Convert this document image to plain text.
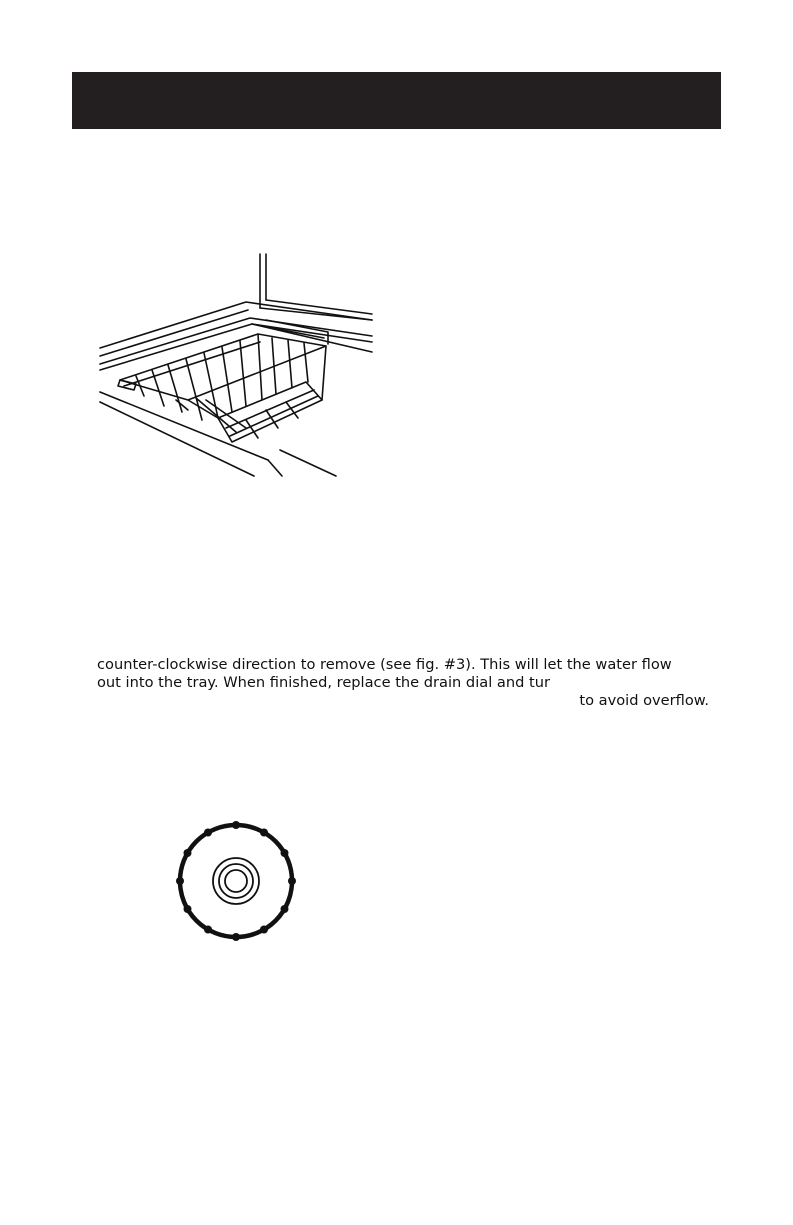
counter-clockwise direction to remove (see fig. #3). This will let the water flow

out into the tray. When finished, replace the drain dial and tur

to avoid overflow.
